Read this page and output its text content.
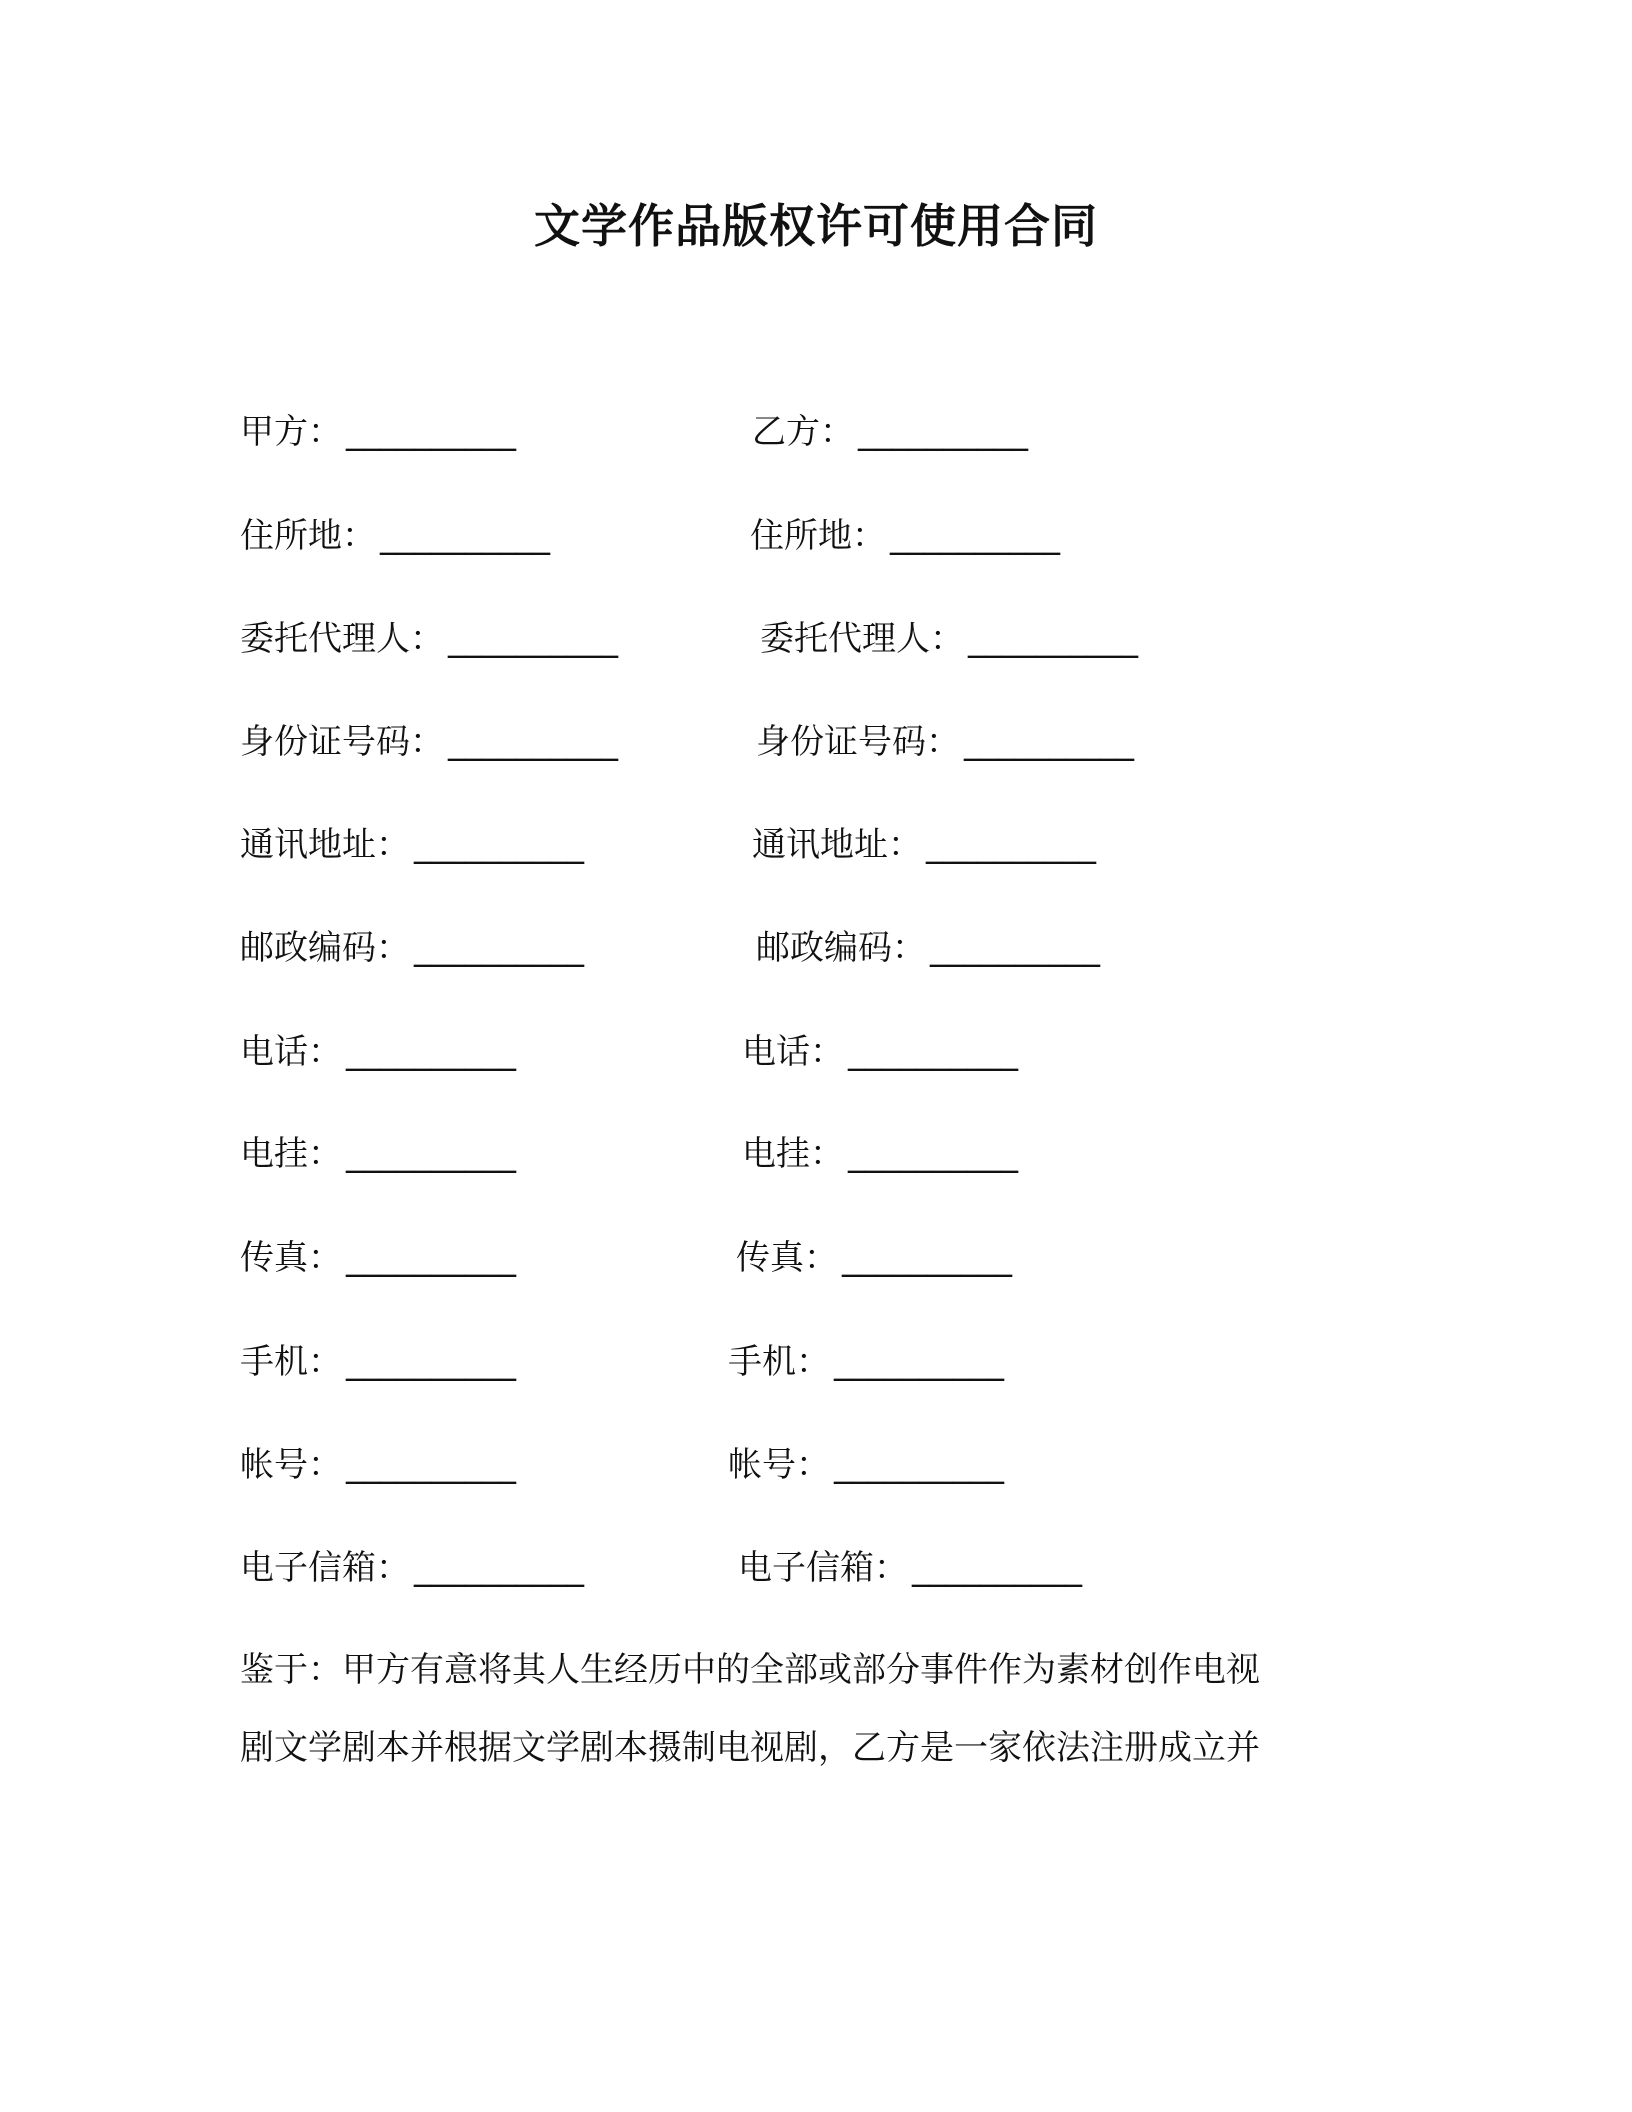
文学作品版权许可使用合同
甲方： __________
住所地： __________
委托代理人： __________
身份证号码： __________
通讯地址： __________
邮政编码： __________
电话： __________
电挂： __________
传真： __________
手机： __________
帐号： __________
电子信箱： __________
乙方： __________
住所地： __________
委托代理人： __________
身份证号码： __________
通讯地址： __________
邮政编码： __________
电话： __________
电挂： __________
传真： __________
手机： __________
帐号： __________
电子信箱： __________
鉴于：甲方有意将其人生经历中的全部或部分事件作为素材创作电视
剧文学剧本并根据文学剧本摄制电视剧，乙方是一家依法注册成立并
